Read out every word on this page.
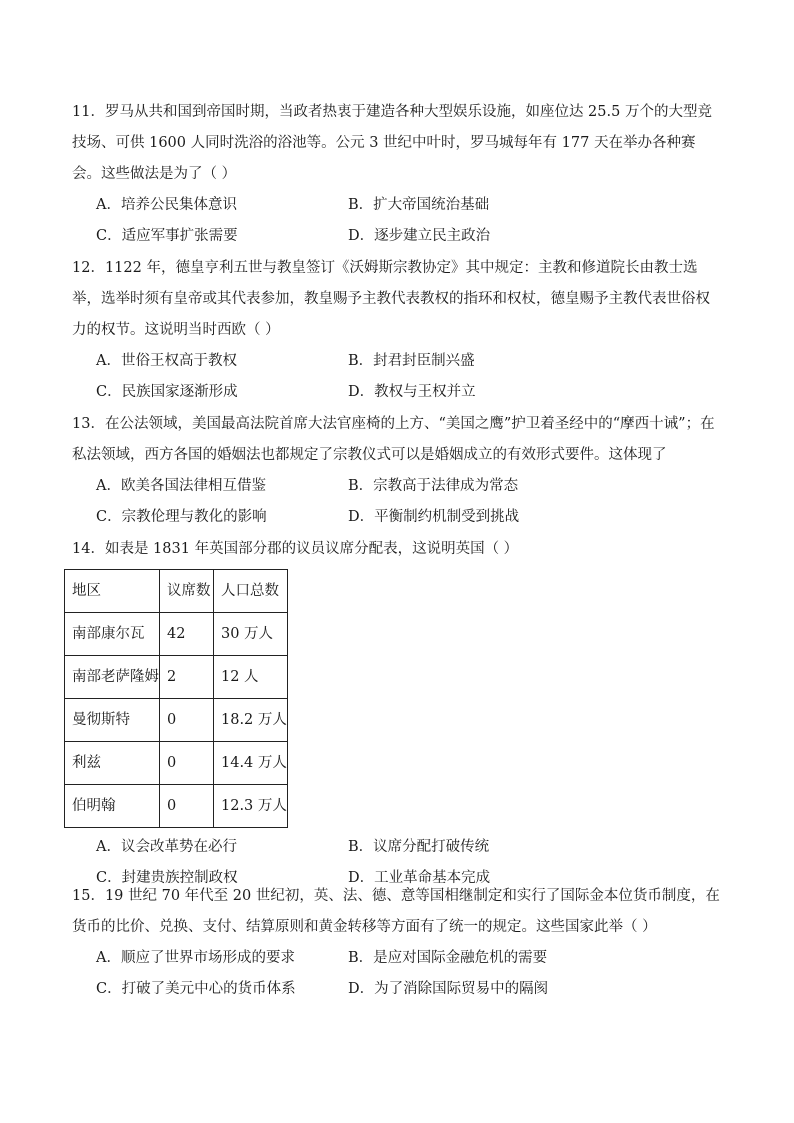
11．罗马从共和国到帝国时期，当政者热衷于建造各种大型娱乐设施，如座位达 25.5 万个的大型竞技场、可供 1600 人同时洗浴的浴池等。公元 3 世纪中叶时，罗马城每年有 177 天在举办各种赛会。这些做法是为了（ ）

A．培养公民集体意识	B．扩大帝国统治基础
C．适应军事扩张需要	D．逐步建立民主政治

12．1122 年，德皇亨利五世与教皇签订《沃姆斯宗教协定》其中规定：主教和修道院长由教士选举，选举时须有皇帝或其代表参加，教皇赐予主教代表教权的指环和权杖，德皇赐予主教代表世俗权力的权节。这说明当时西欧（ ）

A．世俗王权高于教权	B．封君封臣制兴盛
C．民族国家逐渐形成	D．教权与王权并立

13．在公法领域，美国最高法院首席大法官座椅的上方、“美国之鹰”护卫着圣经中的“摩西十诫”；在私法领域，西方各国的婚姻法也都规定了宗教仪式可以是婚姻成立的有效形式要件。这体现了

A．欧美各国法律相互借鉴	B．宗教高于法律成为常态
C．宗教伦理与教化的影响	D．平衡制约机制受到挑战

14．如表是 1831 年英国部分郡的议员议席分配表，这说明英国（ ）

地区	议席数	人口总数
南部康尔瓦	42	30 万人
南部老萨隆姆	2	12 人
曼彻斯特	0	18.2 万人
利兹	0	14.4 万人
伯明翰	0	12.3 万人
A．议会改革势在必行	B．议席分配打破传统
C．封建贵族控制政权	D．工业革命基本完成

15．19 世纪 70 年代至 20 世纪初，英、法、德、意等国相继制定和实行了国际金本位货币制度，在货币的比价、兑换、支付、结算原则和黄金转移等方面有了统一的规定。这些国家此举（ ）

A．顺应了世界市场形成的要求	B．是应对国际金融危机的需要
C．打破了美元中心的货币体系	D．为了消除国际贸易中的隔阂
